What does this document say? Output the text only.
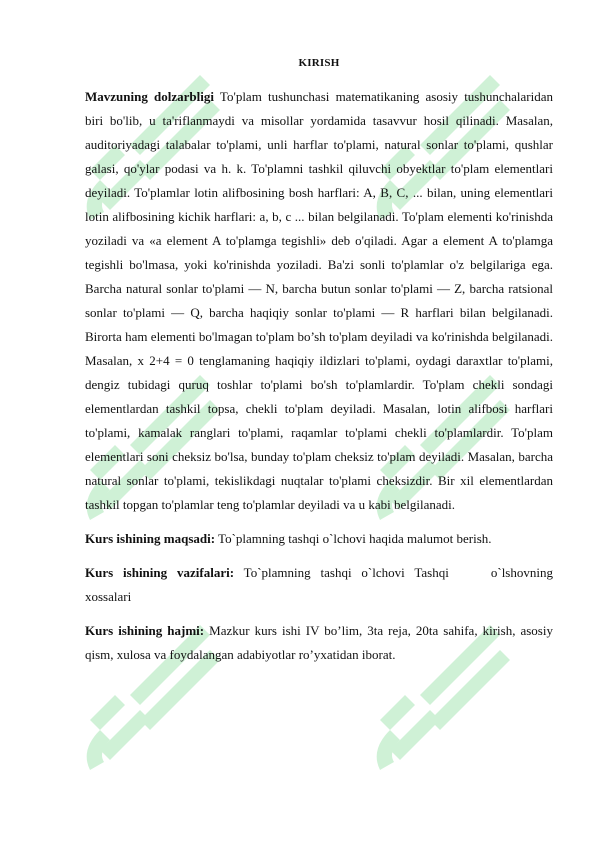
KIRISH

Mavzuning dolzarbligi To'plam tushunchasi matematikaning asosiy tushunchalaridan biri bo'lib, u ta'riflanmaydi va misollar yordamida tasavvur hosil qilinadi. Masalan, auditoriyadagi talabalar to'plami, unli harflar to'plami, natural sonlar to'plami, qushlar galasi, qo'ylar podasi va h. k. To'plamni tashkil qiluvchi obyektlar to'plam elementlari deyiladi. To'plamlar lotin alifbosining bosh harflari: A, B, C, ... bilan, uning elementlari lotin alifbosining kichik harflari: a, b, c ... bilan belgilanadi. To'plam elementi ko'rinishda yoziladi va «a element A to'plamga tegishli» deb o'qiladi. Agar a element A to'plamga tegishli bo'lmasa, yoki ko'rinishda yoziladi. Ba'zi sonli to'plamlar o'z belgilariga ega. Barcha natural sonlar to'plami — N, barcha butun sonlar to'plami — Z, barcha ratsional sonlar to'plami — Q, barcha haqiqiy sonlar to'plami — R harflari bilan belgilanadi. Birorta ham elementi bo'lmagan to'plam bo’sh to'plam deyiladi va ko'rinishda belgilanadi. Masalan, x 2+4 = 0 tenglamaning haqiqiy ildizlari to'plami, oydagi daraxtlar to'plami, dengiz tubidagi quruq toshlar to'plami bo'sh to'plamlardir. To'plam chekli sondagi elementlardan tashkil topsa, chekli to'plam deyiladi. Masalan, lotin alifbosi harflari to'plami, kamalak ranglari to'plami, raqamlar to'plami chekli to'plamlardir. To'plam elementlari soni cheksiz bo'lsa, bunday to'plam cheksiz to'plam deyiladi. Masalan, barcha natural sonlar to'plami, tekislikdagi nuqtalar to'plami cheksizdir. Bir xil elementlardan tashkil topgan to'plamlar teng to'plamlar deyiladi va u kabi belgilanadi.

Kurs ishining maqsadi: To`plamning tashqi o`lchovi haqida malumot berish.

Kurs ishining vazifalari: To`plamning tashqi o`lchovi Tashqi	o`lshovning xossalari

Kurs ishining hajmi: Mazkur kurs ishi IV bo’lim, 3ta reja, 20ta sahifa, kirish, asosiy qism, xulosa va foydalangan adabiyotlar ro’yxatidan iborat.
